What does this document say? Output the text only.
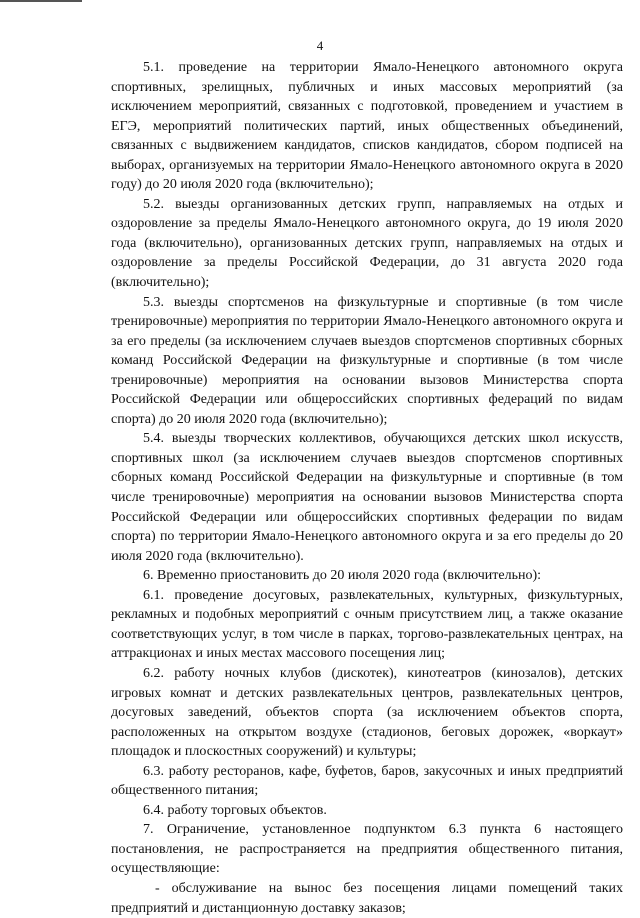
4

5.1. проведение на территории Ямало-Ненецкого автономного округа спортивных, зрелищных, публичных и иных массовых мероприятий (за исключением мероприятий, связанных с подготовкой, проведением и участием в ЕГЭ, мероприятий политических партий, иных общественных объединений, связанных с выдвижением кандидатов, списков кандидатов, сбором подписей на выборах, организуемых на территории Ямало-Ненецкого автономного округа в 2020 году) до 20 июля 2020 года (включительно);

5.2. выезды организованных детских групп, направляемых на отдых и оздоровление за пределы Ямало-Ненецкого автономного округа, до 19 июля 2020 года (включительно), организованных детских групп, направляемых на отдых и оздоровление за пределы Российской Федерации, до 31 августа 2020 года (включительно);

5.3. выезды спортсменов на физкультурные и спортивные (в том числе тренировочные) мероприятия по территории Ямало-Ненецкого автономного округа и за его пределы (за исключением случаев выездов спортсменов спортивных сборных команд Российской Федерации на физкультурные и спортивные (в том числе тренировочные) мероприятия на основании вызовов Министерства спорта Российской Федерации или общероссийских спортивных федераций по видам спорта) до 20 июля 2020 года (включительно);

5.4. выезды творческих коллективов, обучающихся детских школ искусств, спортивных школ (за исключением случаев выездов спортсменов спортивных сборных команд Российской Федерации на физкультурные и спортивные (в том числе тренировочные) мероприятия на основании вызовов Министерства спорта Российской Федерации или общероссийских спортивных федерации по видам спорта) по территории Ямало-Ненецкого автономного округа и за его пределы до 20 июля 2020 года (включительно).

6. Временно приостановить до 20 июля 2020 года (включительно):

6.1. проведение досуговых, развлекательных, культурных, физкультурных, рекламных и подобных мероприятий с очным присутствием лиц, а также оказание соответствующих услуг, в том числе в парках, торгово-развлекательных центрах, на аттракционах и иных местах массового посещения лиц;

6.2. работу ночных клубов (дискотек), кинотеатров (кинозалов), детских игровых комнат и детских развлекательных центров, развлекательных центров, досуговых заведений, объектов спорта (за исключением объектов спорта, расположенных на открытом воздухе (стадионов, беговых дорожек, «воркаут» площадок и плоскостных сооружений) и культуры;

6.3. работу ресторанов, кафе, буфетов, баров, закусочных и иных предприятий общественного питания;

6.4. работу торговых объектов.

7. Ограничение, установленное подпунктом 6.3 пункта 6 настоящего постановления, не распространяется на предприятия общественного питания, осуществляющие:

- обслуживание на вынос без посещения лицами помещений таких предприятий и дистанционную доставку заказов;
